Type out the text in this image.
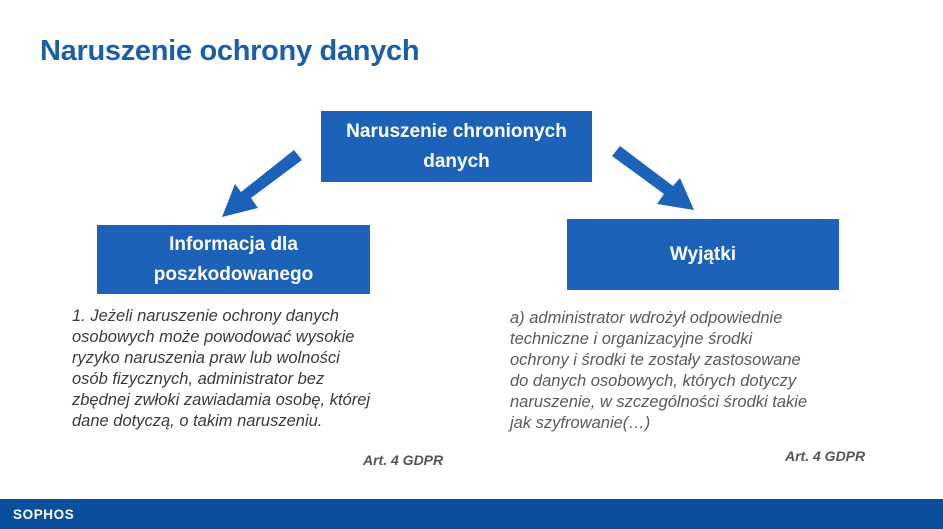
Naruszenie ochrony danych
Naruszenie chronionych
danych
Informacja dla
poszkodowanego
Wyjątki
1. Jeżeli naruszenie ochrony danych
osobowych może powodować wysokie
ryzyko naruszenia praw lub wolności
osób fizycznych, administrator bez
zbędnej zwłoki zawiadamia osobę, której
dane dotyczą, o takim naruszeniu.
Art. 4 GDPR
a) administrator wdrożył odpowiednie
techniczne i organizacyjne środki
ochrony i środki te zostały zastosowane
do danych osobowych, których dotyczy
naruszenie, w szczególności środki takie
jak szyfrowanie(…)
Art. 4 GDPR
SOPHOS
